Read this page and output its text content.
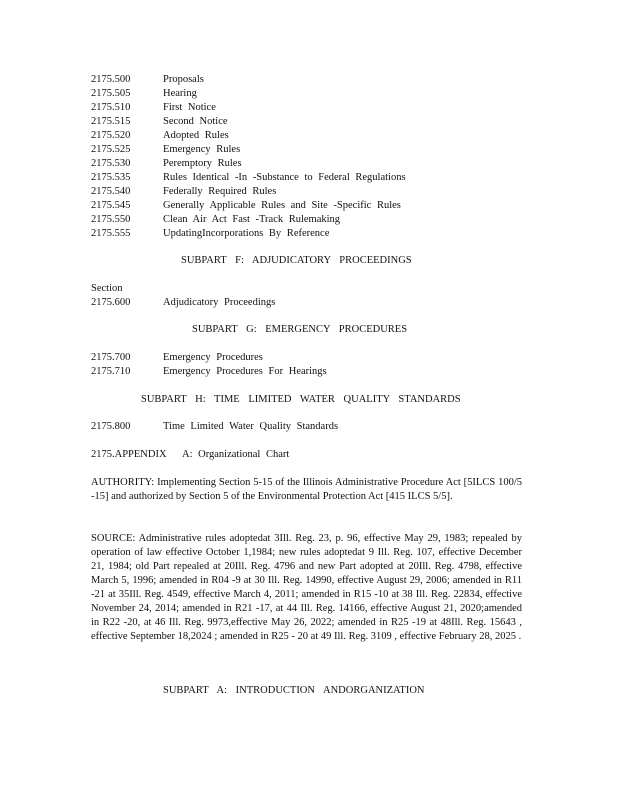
2175.500	Proposals
2175.505	Hearing
2175.510	First Notice
2175.515	Second Notice
2175.520	Adopted Rules
2175.525	Emergency Rules
2175.530	Peremptory Rules
2175.535	Rules Identical -In -Substance to Federal Regulations
2175.540	Federally Required Rules
2175.545	Generally Applicable Rules and Site -Specific Rules
2175.550	Clean Air Act Fast -Track Rulemaking
2175.555	UpdatingIncorporations By Reference
SUBPART F: ADJUDICATORY PROCEEDINGS
Section
2175.600	Adjudicatory Proceedings
SUBPART G: EMERGENCY PROCEDURES
2175.700	Emergency Procedures
2175.710	Emergency Procedures For Hearings
SUBPART H: TIME LIMITED WATER QUALITY STANDARDS
2175.800	Time Limited Water Quality Standards
2175.APPENDIX	A: Organizational Chart
AUTHORITY: Implementing Section 5-15 of the Illinois Administrative Procedure Act [5ILCS 100/5 -15] and authorized by Section 5 of the Environmental Protection Act [415 ILCS 5/5].
SOURCE: Administrative rules adoptedat 3Ill. Reg. 23, p. 96, effective May 29, 1983; repealed by operation of law effective October 1,1984; new rules adoptedat 9 Ill. Reg. 107, effective December 21, 1984; old Part repealed at 20Ill. Reg. 4796 and new Part adopted at 20Ill. Reg. 4798, effective March 5, 1996; amended in R04 -9 at 30 Ill. Reg. 14990, effective August 29, 2006; amended in R11 -21 at 35Ill. Reg. 4549, effective March 4, 2011; amended in R15 -10 at 38 Ill. Reg. 22834, effective November 24, 2014; amended in R21 -17, at 44 Ill. Reg. 14166, effective August 21, 2020;amended in R22 -20, at 46 Ill. Reg. 9973,effective May 26, 2022; amended in R25 -19 at 48Ill. Reg. 15643 , effective September 18,2024 ; amended in R25 - 20 at 49 Ill. Reg. 3109 , effective February 28, 2025 .
SUBPART A: INTRODUCTION ANDORGANIZATION
